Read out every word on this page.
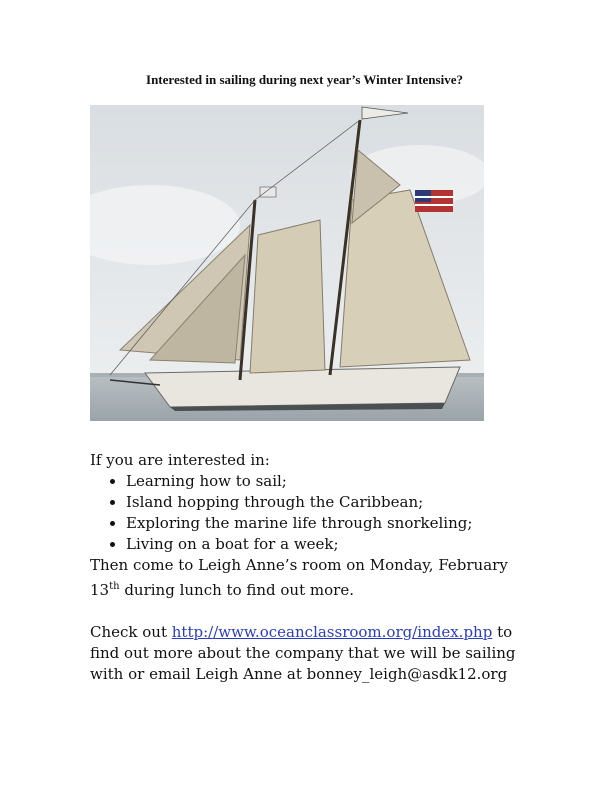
Interested in sailing during next year’s Winter Intensive?

If you are interested in:

• Learning how to sail;
• Island hopping through the Caribbean;
• Exploring the marine life through snorkeling;
• Living on a boat for a week;

Then come to Leigh Anne’s room on Monday, February
13th during lunch to find out more.

Check out http://www.oceanclassroom.org/index.php to find out more about the company that we will be sailing with or email Leigh Anne at bonney_leigh@asdk12.org
